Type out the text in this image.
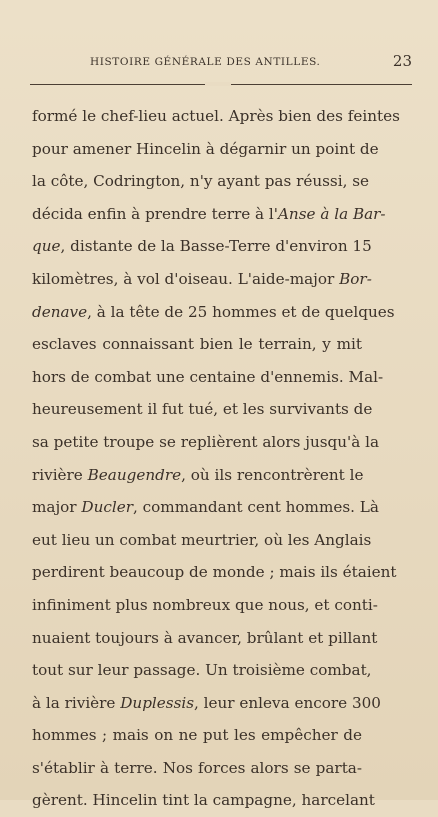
HISTOIRE GÉNÉRALE DES ANTILLES.	23
formé le chef-lieu actuel. Après bien des feintes
pour amener Hincelin à dégarnir un point de
la côte, Codrington, n'y ayant pas réussi, se
décida enfin à prendre terre à l'Anse à la Bar-
que, distante de la Basse-Terre d'environ 15
kilomètres, à vol d'oiseau. L'aide-major Bor-
denave, à la tête de 25 hommes et de quelques
esclaves connaissant bien le terrain, y mit
hors de combat une centaine d'ennemis. Mal-
heureusement il fut tué, et les survivants de
sa petite troupe se replièrent alors jusqu'à la
rivière Beaugendre, où ils rencontrèrent le
major Ducler, commandant cent hommes. Là
eut lieu un combat meurtrier, où les Anglais
perdirent beaucoup de monde ; mais ils étaient
infiniment plus nombreux que nous, et conti-
nuaient toujours à avancer, brûlant et pillant
tout sur leur passage. Un troisième combat,
à la rivière Duplessis, leur enleva encore 300
hommes ; mais on ne put les empêcher de
s'établir à terre. Nos forces alors se parta-
gèrent. Hincelin tint la campagne, harcelant
